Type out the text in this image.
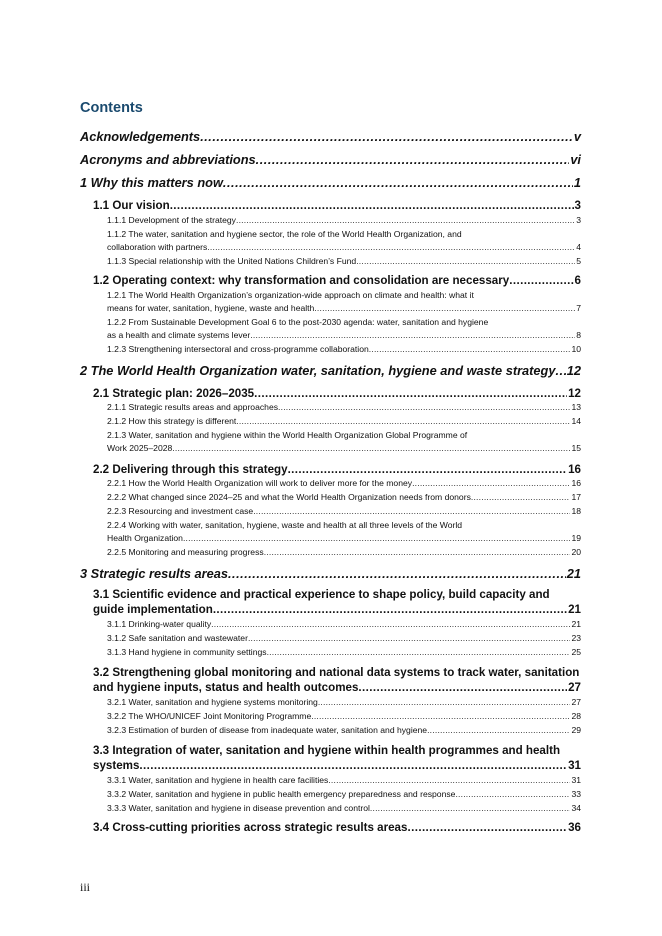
Contents
Acknowledgements .....	v
Acronyms and abbreviations .....	vi
1 Why this matters now .....	1
1.1 Our vision .....	3
1.1.1 Development of the strategy .....	3
1.1.2 The water, sanitation and hygiene sector, the role of the World Health Organization, and
collaboration with partners .....	4
1.1.3 Special relationship with the United Nations Children’s Fund .....	5
1.2 Operating context: why transformation and consolidation are necessary .....	6
1.2.1 The World Health Organization’s organization-wide approach on climate and health: what it
means for water, sanitation, hygiene, waste and health .....	7
1.2.2 From Sustainable Development Goal 6 to the post-2030 agenda: water, sanitation and hygiene
as a health and climate systems lever .....	8
1.2.3 Strengthening intersectoral and cross-programme collaboration .....	10
2 The World Health Organization water, sanitation, hygiene and waste strategy ..... 12
2.1 Strategic plan: 2026–2035 .....	12
2.1.1 Strategic results areas and approaches .....	13
2.1.2 How this strategy is different .....	14
2.1.3 Water, sanitation and hygiene within the World Health Organization Global Programme of
Work 2025–2028 .....	15
2.2 Delivering through this strategy .....	16
2.2.1 How the World Health Organization will work to deliver more for the money .....	16
2.2.2 What changed since 2024–25 and what the World Health Organization needs from donors .....	17
2.2.3 Resourcing and investment case .....	18
2.2.4 Working with water, sanitation, hygiene, waste and health at all three levels of the World
Health Organization .....	19
2.2.5 Monitoring and measuring progress .....	20
3 Strategic results areas .....	21
3.1 Scientific evidence and practical experience to shape policy, build capacity and
guide implementation .....	21
3.1.1 Drinking-water quality .....	21
3.1.2 Safe sanitation and wastewater .....	23
3.1.3 Hand hygiene in community settings .....	25
3.2 Strengthening global monitoring and national data systems to track water, sanitation
and hygiene inputs, status and health outcomes .....	27
3.2.1 Water, sanitation and hygiene systems monitoring .....	27
3.2.2 The WHO/UNICEF Joint Monitoring Programme .....	28
3.2.3 Estimation of burden of disease from inadequate water, sanitation and hygiene .....	29
3.3 Integration of water, sanitation and hygiene within health programmes and health
systems .....	31
3.3.1 Water, sanitation and hygiene in health care facilities .....	31
3.3.2 Water, sanitation and hygiene in public health emergency preparedness and response .....	33
3.3.3 Water, sanitation and hygiene in disease prevention and control .....	34
3.4 Cross-cutting priorities across strategic results areas .....	36
iii
